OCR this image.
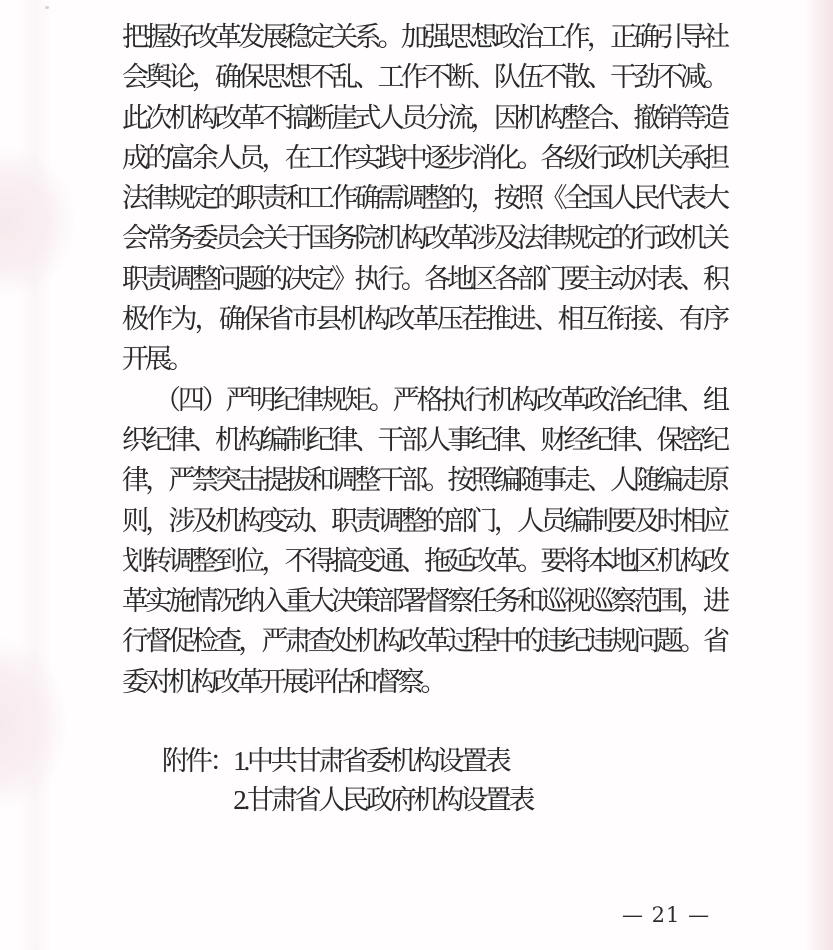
把握好改革发展稳定关系。加强思想政治工作，正确引导社
会舆论，确保思想不乱、工作不断、队伍不散、干劲不减。
此次机构改革不搞断崖式人员分流，因机构整合、撤销等造
成的富余人员，在工作实践中逐步消化。各级行政机关承担
法律规定的职责和工作确需调整的，按照《全国人民代表大
会常务委员会关于国务院机构改革涉及法律规定的行政机关
职责调整问题的决定》执行。各地区各部门要主动对表、积
极作为，确保省市县机构改革压茬推进、相互衔接、有序
开展。
（四）严明纪律规矩。严格执行机构改革政治纪律、组
织纪律、机构编制纪律、干部人事纪律、财经纪律、保密纪
律，严禁突击提拔和调整干部。按照编随事走、人随编走原
则，涉及机构变动、职责调整的部门，人员编制要及时相应
划转调整到位，不得搞变通、拖延改革。要将本地区机构改
革实施情况纳入重大决策部署督察任务和巡视巡察范围，进
行督促检查，严肃查处机构改革过程中的违纪违规问题。省
委对机构改革开展评估和督察。
附件： 1.中共甘肃省委机构设置表
2.甘肃省人民政府机构设置表
— 21 —
